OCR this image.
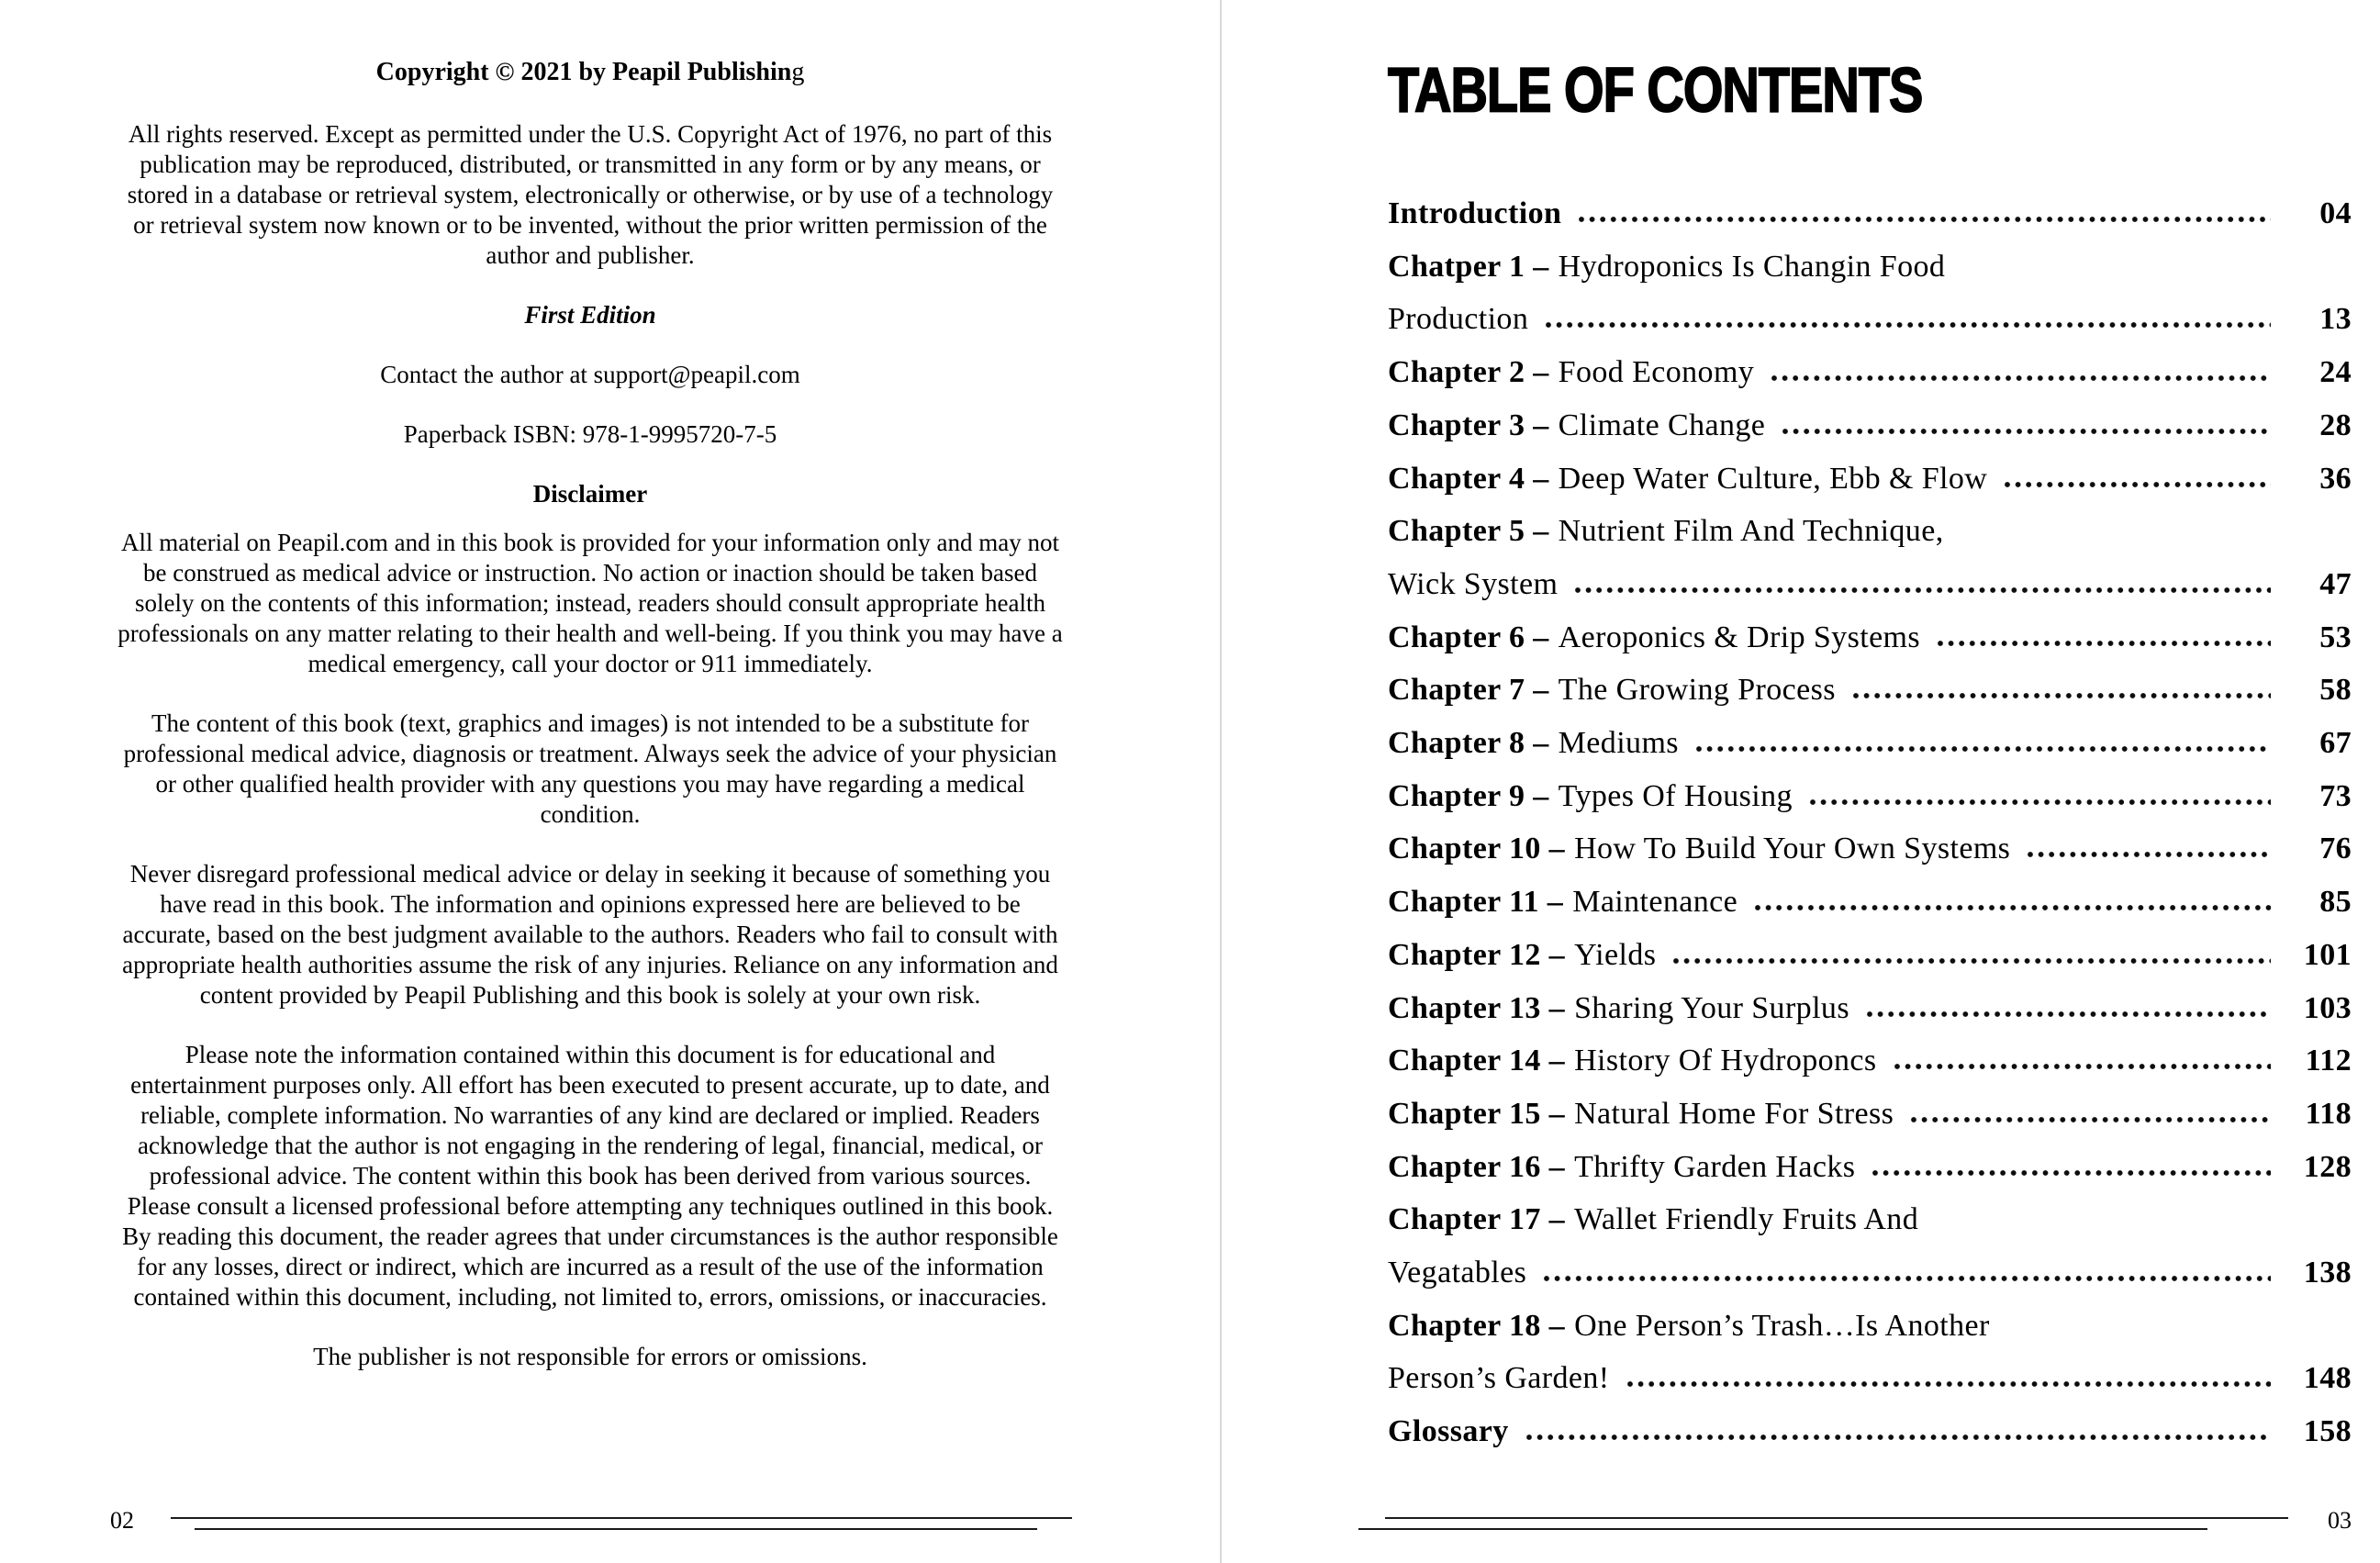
Copyright © 2021 by Peapil Publishing

All rights reserved. Except as permitted under the U.S. Copyright Act of 1976, no part of this publication may be reproduced, distributed, or transmitted in any form or by any means, or stored in a database or retrieval system, electronically or otherwise, or by use of a technology or retrieval system now known or to be invented, without the prior written permission of the author and publisher.

First Edition

Contact the author at support@peapil.com

Paperback ISBN: 978-1-9995720-7-5

Disclaimer

All material on Peapil.com and in this book is provided for your information only and may not be construed as medical advice or instruction. No action or inaction should be taken based solely on the contents of this information; instead, readers should consult appropriate health professionals on any matter relating to their health and well-being. If you think you may have a medical emergency, call your doctor or 911 immediately.

The content of this book (text, graphics and images) is not intended to be a substitute for professional medical advice, diagnosis or treatment. Always seek the advice of your physician or other qualified health provider with any questions you may have regarding a medical condition.

Never disregard professional medical advice or delay in seeking it because of something you have read in this book. The information and opinions expressed here are believed to be accurate, based on the best judgment available to the authors. Readers who fail to consult with appropriate health authorities assume the risk of any injuries. Reliance on any information and content provided by Peapil Publishing and this book is solely at your own risk.

Please note the information contained within this document is for educational and entertainment purposes only. All effort has been executed to present accurate, up to date, and reliable, complete information. No warranties of any kind are declared or implied. Readers acknowledge that the author is not engaging in the rendering of legal, financial, medical, or professional advice. The content within this book has been derived from various sources. Please consult a licensed professional before attempting any techniques outlined in this book. By reading this document, the reader agrees that under circumstances is the author responsible for any losses, direct or indirect, which are incurred as a result of the use of the information contained within this document, including, not limited to, errors, omissions, or inaccuracies.

The publisher is not responsible for errors or omissions.

TABLE OF CONTENTS
Introduction	04
Chatper 1 – Hydroponics Is Changin Food
Production	13
Chapter 2 – Food Economy	24
Chapter 3 – Climate Change	28
Chapter 4 – Deep Water Culture, Ebb & Flow	36
Chapter 5 – Nutrient Film And Technique,
Wick System	47
Chapter 6 – Aeroponics & Drip Systems	53
Chapter 7 – The Growing Process	58
Chapter 8 – Mediums	67
Chapter 9 – Types Of Housing	73
Chapter 10 – How To Build Your Own Systems	76
Chapter 11 – Maintenance	85
Chapter 12 – Yields	101
Chapter 13 – Sharing Your Surplus	103
Chapter 14 – History Of Hydroponcs	112
Chapter 15 – Natural Home For Stress	118
Chapter 16 – Thrifty Garden Hacks	128
Chapter 17 – Wallet Friendly Fruits And
Vegatables	138
Chapter 18 – One Person’s Trash…Is Another
Person’s Garden!	148
Glossary	158
02	03
